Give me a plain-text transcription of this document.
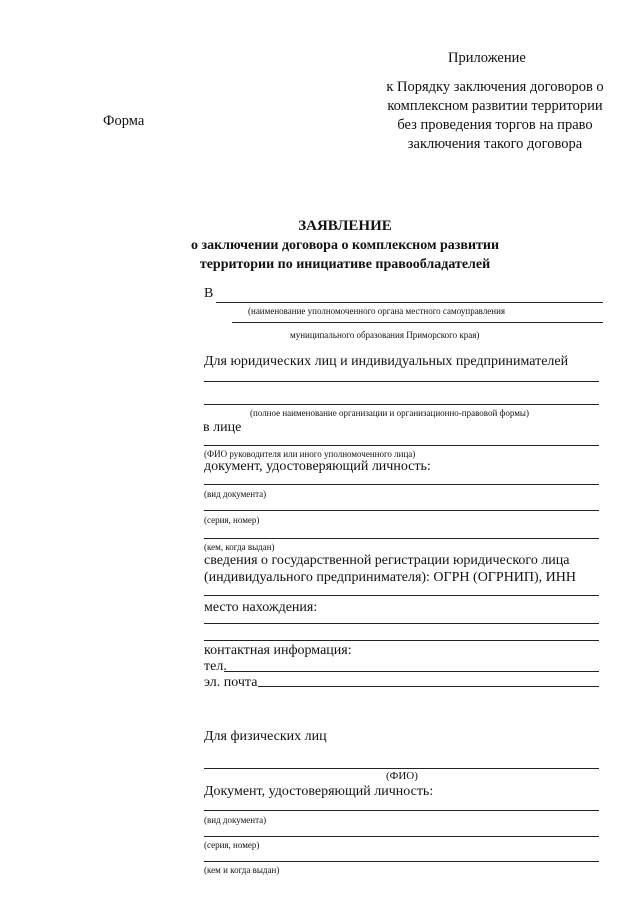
Приложение
к Порядку заключения договоров о
комплексном развитии территории
без проведения торгов на право
заключения такого договора
Форма
ЗАЯВЛЕНИЕ
о заключении договора о комплексном развитии
территории по инициативе правообладателей
В
(наименование уполномоченного органа местного самоуправления
муниципального образования Приморского края)
Для юридических лиц и индивидуальных предпринимателей
(полное наименование организации и организационно-правовой формы)
в лице
(ФИО руководителя или иного уполномоченного лица)
документ, удостоверяющий личность:
(вид документа)
(серия, номер)
(кем, когда выдан)
сведения о государственной регистрации юридического лица
(индивидуального предпринимателя): ОГРН (ОГРНИП), ИНН
место нахождения:
контактная информация:
тел.
эл. почта
Для физических лиц
(ФИО)
Документ, удостоверяющий личность:
(вид документа)
(серия, номер)
(кем и когда выдан)
